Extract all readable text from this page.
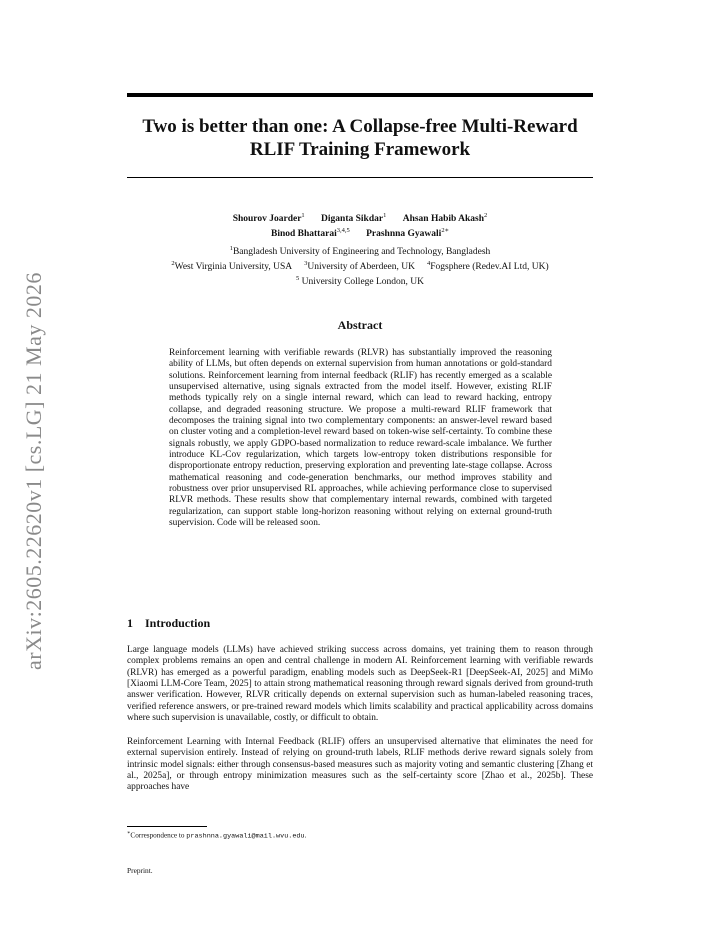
arXiv:2605.22620v1 [cs.LG] 21 May 2026
Two is better than one: A Collapse-free Multi-Reward
RLIF Training Framework
Shourov Joarder$^1$ Diganta Sikdar$^1$ Ahsan Habib Akash$^2$
Binod Bhattarai$^{3,4,5}$ Prashnna Gyawali$^{2∗}$
$^1$Bangladesh University of Engineering and Technology, Bangladesh
$^2$West Virginia University, USA $^3$University of Aberdeen, UK $^4$Fogsphere (Redev.AI Ltd, UK)
$^5$ University College London, UK
Abstract
Reinforcement learning with verifiable rewards (RLVR) has substantially improved the reasoning ability of LLMs, but often depends on external supervision from human annotations or gold-standard solutions. Reinforcement learning from internal feedback (RLIF) has recently emerged as a scalable unsupervised alternative, using signals extracted from the model itself. However, existing RLIF methods typically rely on a single internal reward, which can lead to reward hacking, entropy collapse, and degraded reasoning structure. We propose a multi-reward RLIF framework that decomposes the training signal into two complementary components: an answer-level reward based on cluster voting and a completion-level reward based on token-wise self-certainty. To combine these signals robustly, we apply GDPO-based normalization to reduce reward-scale imbalance. We further introduce KL-Cov regularization, which targets low-entropy token distributions responsible for disproportionate entropy reduction, preserving exploration and preventing late-stage collapse. Across mathematical reasoning and code-generation benchmarks, our method improves stability and robustness over prior unsupervised RL approaches, while achieving performance close to supervised RLVR methods. These results show that complementary internal rewards, combined with targeted regularization, can support stable long-horizon reasoning without relying on external ground-truth supervision. Code will be released soon.
1 Introduction
Large language models (LLMs) have achieved striking success across domains, yet training them to reason through complex problems remains an open and central challenge in modern AI. Reinforcement learning with verifiable rewards (RLVR) has emerged as a powerful paradigm, enabling models such as DeepSeek-R1 [DeepSeek-AI, 2025] and MiMo [Xiaomi LLM-Core Team, 2025] to attain strong mathematical reasoning through reward signals derived from ground-truth answer verification. However, RLVR critically depends on external supervision such as human-labeled reasoning traces, verified reference answers, or pre-trained reward models which limits scalability and practical applicability across domains where such supervision is unavailable, costly, or difficult to obtain.
Reinforcement Learning with Internal Feedback (RLIF) offers an unsupervised alternative that eliminates the need for external supervision entirely. Instead of relying on ground-truth labels, RLIF methods derive reward signals solely from intrinsic model signals: either through consensus-based measures such as majority voting and semantic clustering [Zhang et al., 2025a], or through entropy minimization measures such as the self-certainty score [Zhao et al., 2025b]. These approaches have
∗Correspondence to prashnna.gyawali@mail.wvu.edu.
Preprint.
